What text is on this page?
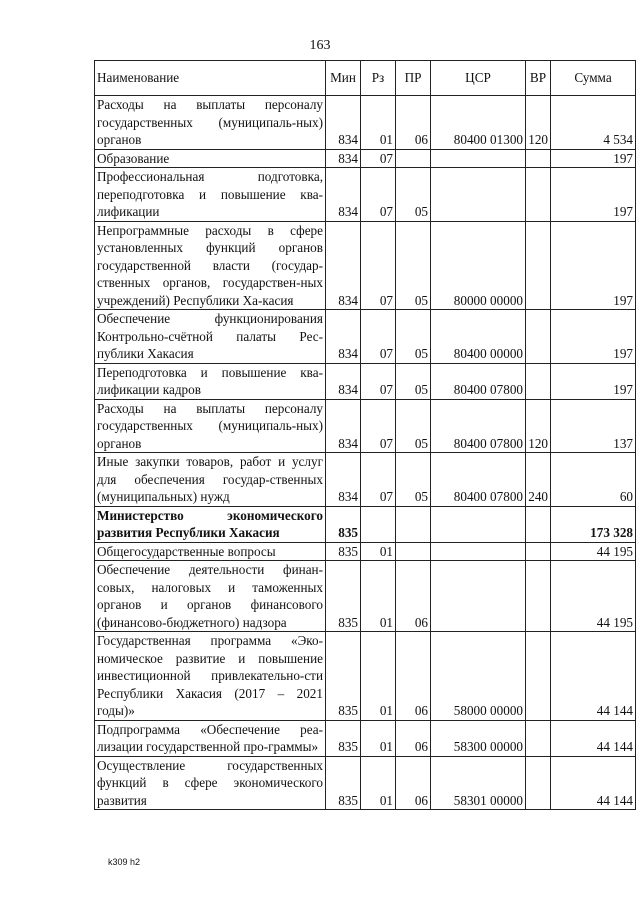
163
Наименование	Мин	Рз	ПР	ЦСР	ВР	Сумма
Расходы на выплаты персоналу государственных (муниципаль-ных) органов	834	01	06	80400 01300	120	4 534
Образование	834	07				197
Профессиональная подготовка, переподготовка и повышение ква-лификации	834	07	05			197
Непрограммные расходы в сфере установленных функций органов государственной власти (государ-ственных органов, государствен-ных учреждений) Республики Ха-касия	834	07	05	80000 00000		197
Обеспечение функционирования Контрольно-счётной палаты Рес-публики Хакасия	834	07	05	80400 00000		197
Переподготовка и повышение ква-лификации кадров	834	07	05	80400 07800		197
Расходы на выплаты персоналу государственных (муниципаль-ных) органов	834	07	05	80400 07800	120	137
Иные закупки товаров, работ и услуг для обеспечения государ-ственных (муниципальных) нужд	834	07	05	80400 07800	240	60
Министерство экономического развития Республики Хакасия	835					173 328
Общегосударственные вопросы	835	01				44 195
Обеспечение деятельности финан-совых, налоговых и таможенных органов и органов финансового (финансово-бюджетного) надзора	835	01	06			44 195
Государственная программа «Эко-номическое развитие и повышение инвестиционной привлекательно-сти Республики Хакасия (2017 – 2021 годы)»	835	01	06	58000 00000		44 144
Подпрограмма «Обеспечение реа-лизации государственной про-граммы»	835	01	06	58300 00000		44 144
Осуществление государственных функций в сфере экономического развития	835	01	06	58301 00000		44 144
k309 h2
